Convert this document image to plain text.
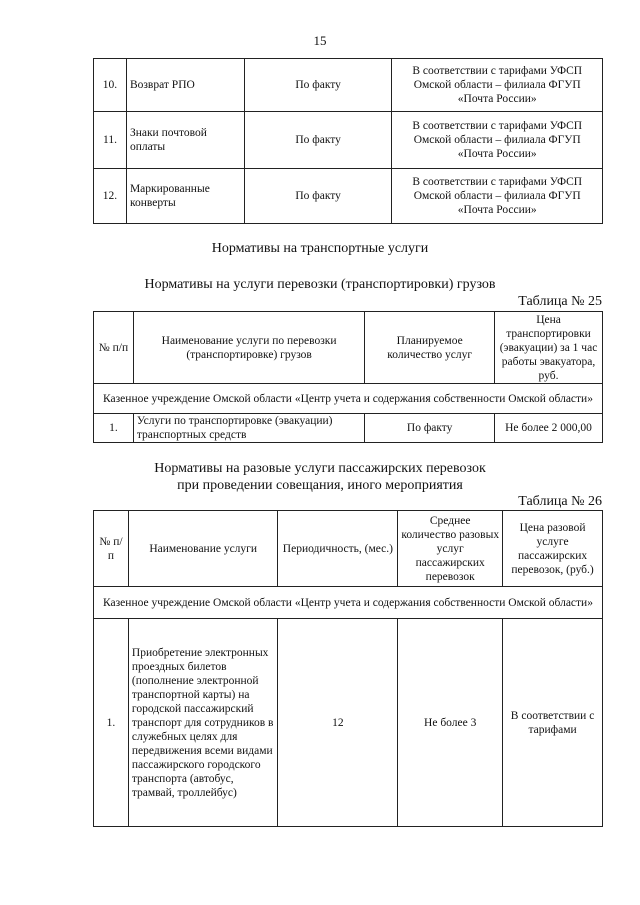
15
10.	Возврат РПО	По факту	В соответствии с тарифами УФСП Омской области – филиала ФГУП «Почта России»
11.	Знаки почтовой оплаты	По факту	В соответствии с тарифами УФСП Омской области – филиала ФГУП «Почта России»
12.	Маркированные конверты	По факту	В соответствии с тарифами УФСП Омской области – филиала ФГУП «Почта России»
Нормативы на транспортные услуги
Нормативы на услуги перевозки (транспортировки) грузов
Таблица № 25
№ п/п	Наименование услуги по перевозки (транспортировке) грузов	Планируемое количество услуг	Цена транспортировки (эвакуации) за 1 час работы эвакуатора, руб.
Казенное учреждение Омской области «Центр учета и содержания собственности Омской области»			
1.	Услуги по транспортировке (эвакуации) транспортных средств	По факту	Не более 2 000,00
Нормативы на разовые услуги пассажирских перевозок
при проведении совещания, иного мероприятия
Таблица № 26
№ п/п	Наименование услуги	Периодичность, (мес.)	Среднее количество разовых услуг пассажирских перевозок	Цена разовой услуге пассажирских перевозок, (руб.)
Казенное учреждение Омской области «Центр учета и содержания собственности Омской области»				
1.	Приобретение электронных проездных билетов (пополнение электронной транспортной карты) на городской пассажирский транспорт для сотрудников в служебных целях для передвижения всеми видами пассажирского городского транспорта (автобус, трамвай, троллейбус)	12	Не более 3	В соответствии с тарифами
